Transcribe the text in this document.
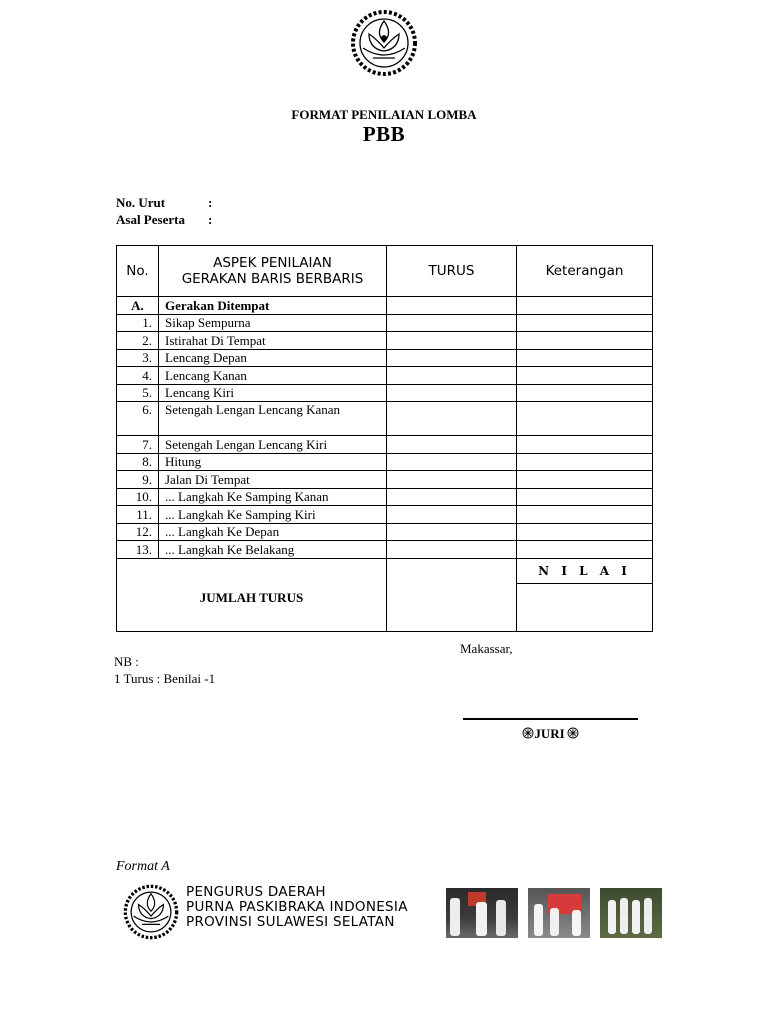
FORMAT PENILAIAN LOMBA
PBB
No. Urut	:
Asal Peserta :
No.	ASPEK PENILAIAN GERAKAN BARIS BERBARIS	TURUS	Keterangan
A.	Gerakan Ditempat		
1.	Sikap Sempurna		
2.	Istirahat Di Tempat		
3.	Lencang Depan		
4.	Lencang Kanan		
5.	Lencang Kiri		
6.	Setengah Lengan Lencang Kanan		
7.	Setengah Lengan Lencang Kiri		
8.	Hitung		
9.	Jalan Di Tempat		
10.	... Langkah Ke Samping Kanan		
11.	... Langkah Ke Samping Kiri		
12.	... Langkah Ke Depan		
13.	... Langkah Ke Belakang		
JUMLAH TURUS			N I L A I
Makassar,
NB :
1 Turus : Benilai -1
JURI
Format A
PENGURUS DAERAH
PURNA PASKIBRAKA INDONESIA
PROVINSI SULAWESI SELATAN
